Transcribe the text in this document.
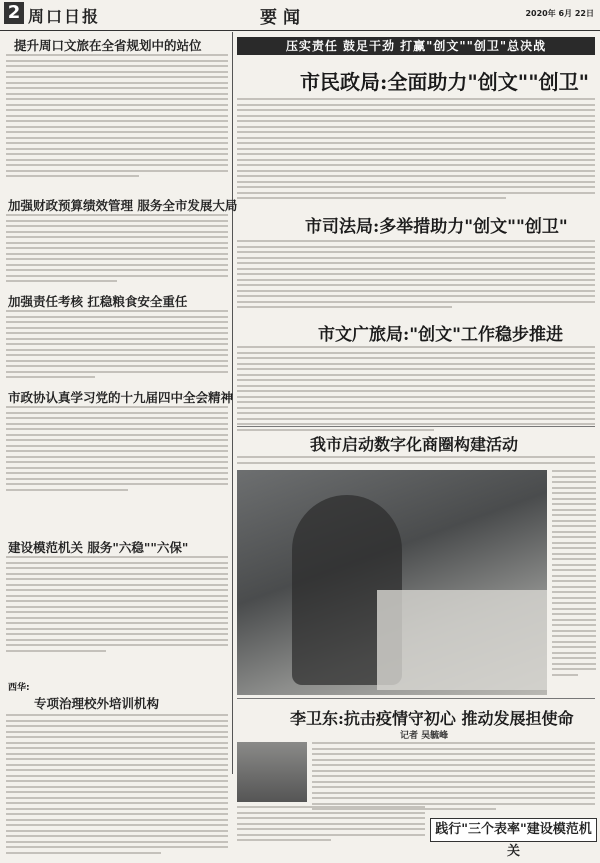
2 周口日报	要闻	2020年 6月 22日
提升周口文旅在全省规划中的站位
加强财政预算绩效管理 服务全市发展大局
加强责任考核 扛稳粮食安全重任
市政协认真学习党的十九届四中全会精神
建设模范机关 服务"六稳""六保"
西华:
专项治理校外培训机构
压实责任 鼓足干劲 打赢"创文""创卫"总决战
市民政局:全面助力"创文""创卫"
市司法局:多举措助力"创文""创卫"
市文广旅局:"创文"工作稳步推进
我市启动数字化商圈构建活动
李卫东:抗击疫情守初心 推动发展担使命
记者 吴毓峰
践行"三个表率"建设模范机关
